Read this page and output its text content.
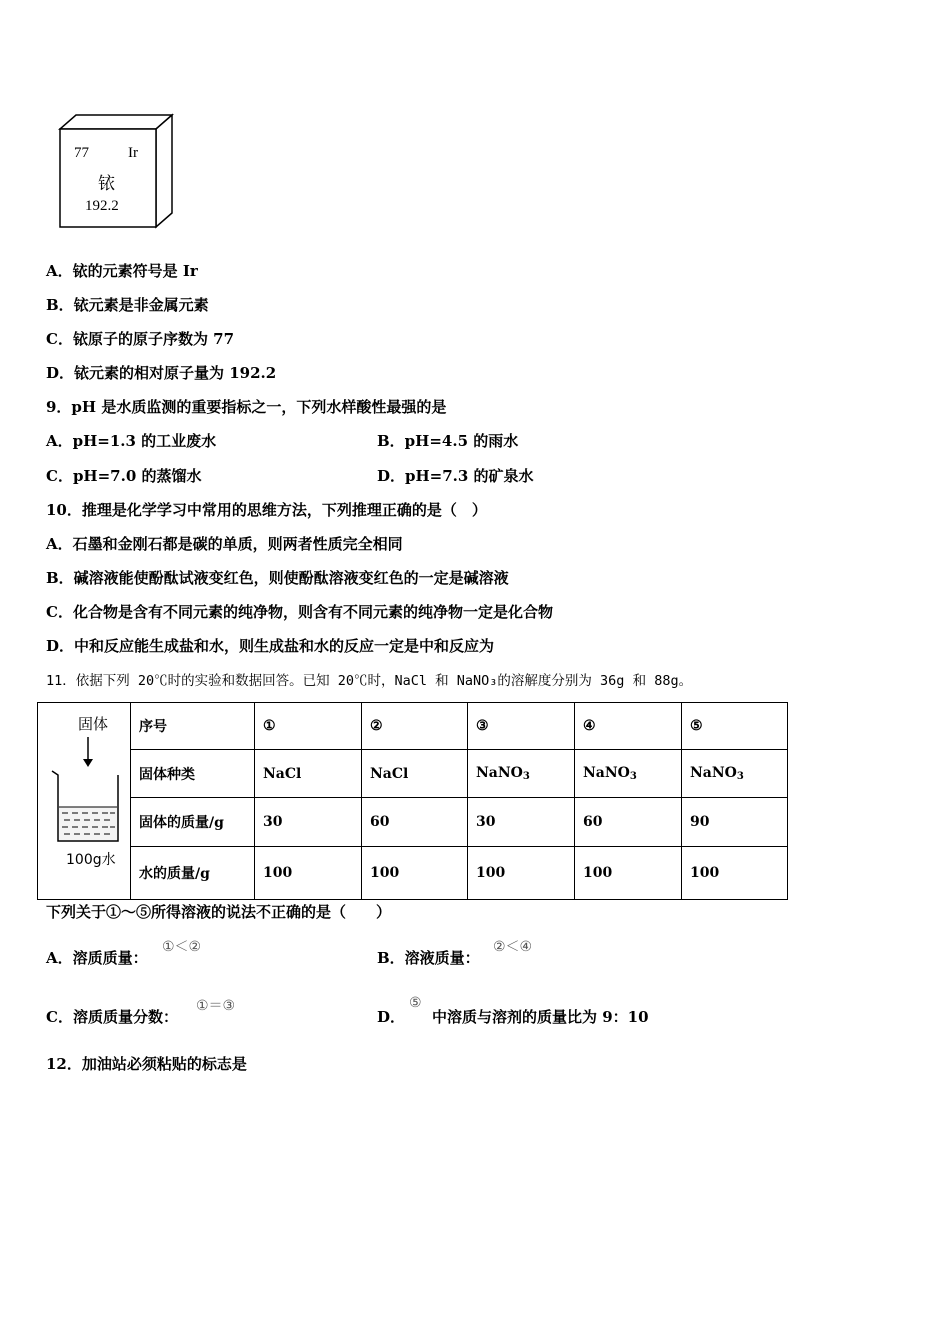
77	Ir
铱
192.2
A．铱的元素符号是 Ir
B．铱元素是非金属元素
C．铱原子的原子序数为 77
D．铱元素的相对原子量为 192.2
9．pH 是水质监测的重要指标之一，下列水样酸性最强的是
A．pH=1.3 的工业废水	B．pH=4.5 的雨水
C．pH=7.0 的蒸馏水	D．pH=7.3 的矿泉水
10．推理是化学学习中常用的思维方法，下列推理正确的是（　）
A．石墨和金刚石都是碳的单质，则两者性质完全相同
B．碱溶液能使酚酞试液变红色，则使酚酞溶液变红色的一定是碱溶液
C．化合物是含有不同元素的纯净物，则含有不同元素的纯净物一定是化合物
D．中和反应能生成盐和水，则生成盐和水的反应一定是中和反应为
11．依据下列 20℃时的实验和数据回答。已知 20℃时，NaCl 和 NaNO₃的溶解度分别为 36g 和 88g。
固体
100g水	序号	①	②	③	④	⑤
	固体种类	NaCl	NaCl	NaNO$_3$	NaNO$_3$	NaNO$_3$
	固体的质量/g	30	60	30	60	90
	水的质量/g	100	100	100	100	100
下列关于①～⑤所得溶液的说法不正确的是（　　）
A．溶质质量：
①＜②
B．溶液质量：
②＜④
C．溶质质量分数：
①＝③
D．
⑤
中溶质与溶剂的质量比为 9：10
12．加油站必须粘贴的标志是
